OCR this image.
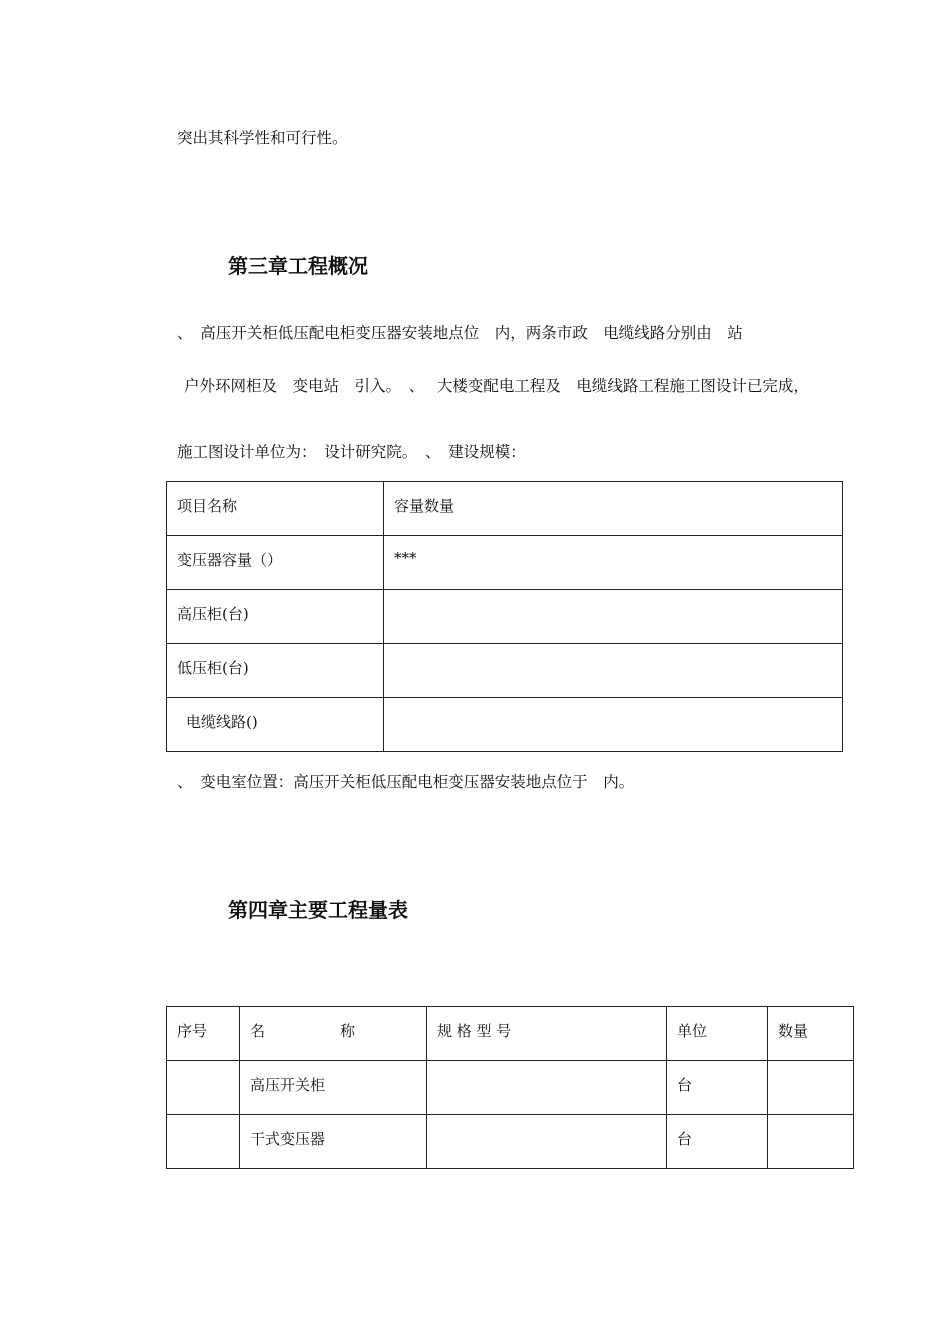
突出其科学性和可行性。
第三章工程概况
、　高压开关柜低压配电柜变压器安装地点位　内，两条市政　电缆线路分别由　站
户外环网柜及　变电站　引入。　、　 大楼变配电工程及　电缆线路工程施工图设计已完成，
施工图设计单位为：　设计研究院。　、　建设规模：
项目名称	容量数量

变压器容量（）	***

高压柜(台)	

低压柜(台)	

电缆线路()	

、　变电室位置：高压开关柜低压配电柜变压器安装地点位于　内。
第四章主要工程量表
序号	名　　　　　称	规 格 型 号	单位	数量

	高压开关柜		台	

	干式变压器		台	
